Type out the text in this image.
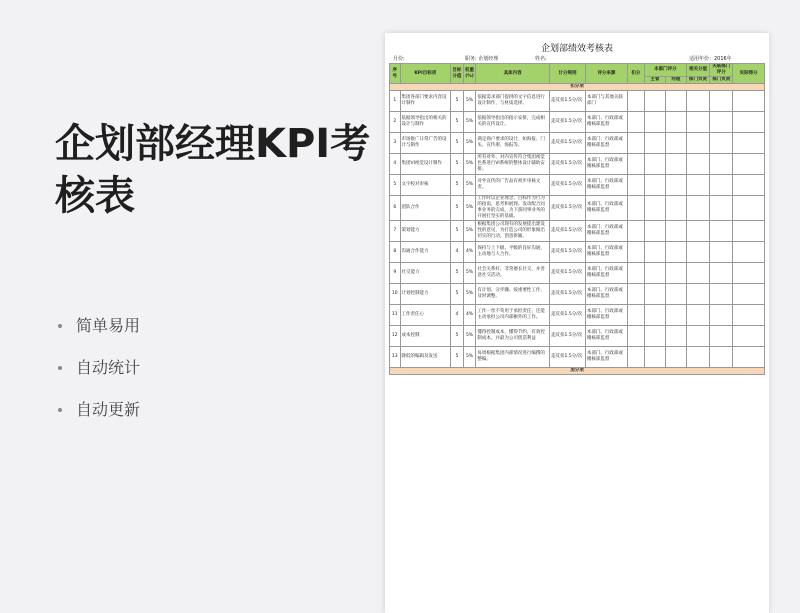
企划部经理KPI考核表
简单易用
自动统计
自动更新
企划部绩效考核表
月份:	职务: 企划经理	姓名:	适用年份：2016年
序号	KPI目标项	目标分值	权重(%)	具体内容	计分规则	评分来源	扣分	本部门评分		相关分值	关联部门评分	实际得分
								主管	经理	部门负责	部门负责	
扣分项												
1	集团各部门要求内容设计制作	5	5%	依据需求部门提供的文字信息进行设计制作，与材质选择。	违反扣1.5分/次	本部门与其他关联部门						
2	依据领导指出的相关的设计与制作	5	5%	依据领导指出的指示安排，完成相关的宣传设计。	违反扣1.5分/次	本部门、行政部或稽核部监督						
3	市场推广日常广告的设计与制作	5	5%	满足商户要求的设计，如海报、门头、宣传册、海报等。	违反扣1.5分/次	本部门、行政部或稽核部监督						
4	集团VI视觉设计制作	5	5%	所有对外、对内宣传符合集团视觉色系进行VI系统的整体设计辅助安排。	违反扣1.5分/次	本部门、行政部或稽核部监督						
5	文字校对审核	5	5%	对外宣传的广告品有初步审核文责。	违反扣1.5分/次	本部门、行政部或稽核部监督						
6	团队合作	5	5%	工作时以企业理念、目标作为行为的指南，思考和展现。发动配合同事业务的完成，为下游同事业务的开展打坚实的基础。	违反扣1.5分/次	本部门、行政部或稽核部监督						
7	策划能力	5	5%	根据集团公司现有的发展提出建设性的意见，为打造公司的形象做出切实的行动，创意新颖。	违反扣1.5分/次	本部门、行政部或稽核部监督						
8	沟通合作能力	4	4%	保持与上下级、平级的良好沟通，主动地与人合作。	违反扣1.5分/次	本部门、行政部或稽核部监督						
9	社交能力	5	5%	社会关系好、非常擅长社交、并善意社交活动。	违反扣1.5分/次	本部门、行政部或稽核部监督						
10	计划控制能力	5	5%	有计划、分步骤、按重要性工作，及时调整。	违反扣1.5分/次	本部门、行政部或稽核部监督						
11	工作责任心	4	4%	工作一丝不苟用于承担责任，还能主动承担公司内部额外的工作。	违反扣1.5分/次	本部门、行政部或稽核部监督						
12	成本控制	5	5%	懂得控制成本，懂得节约，有效控制成本，并最为公司创造利益	违反扣1.5分/次	本部门、行政部或稽核部监督						
13	降低的编辑及发送	5	5%	每周根据集团内部情况进行编撰的整编。	违反扣1.5分/次	本部门、行政部或稽核部监督						
加分项												
